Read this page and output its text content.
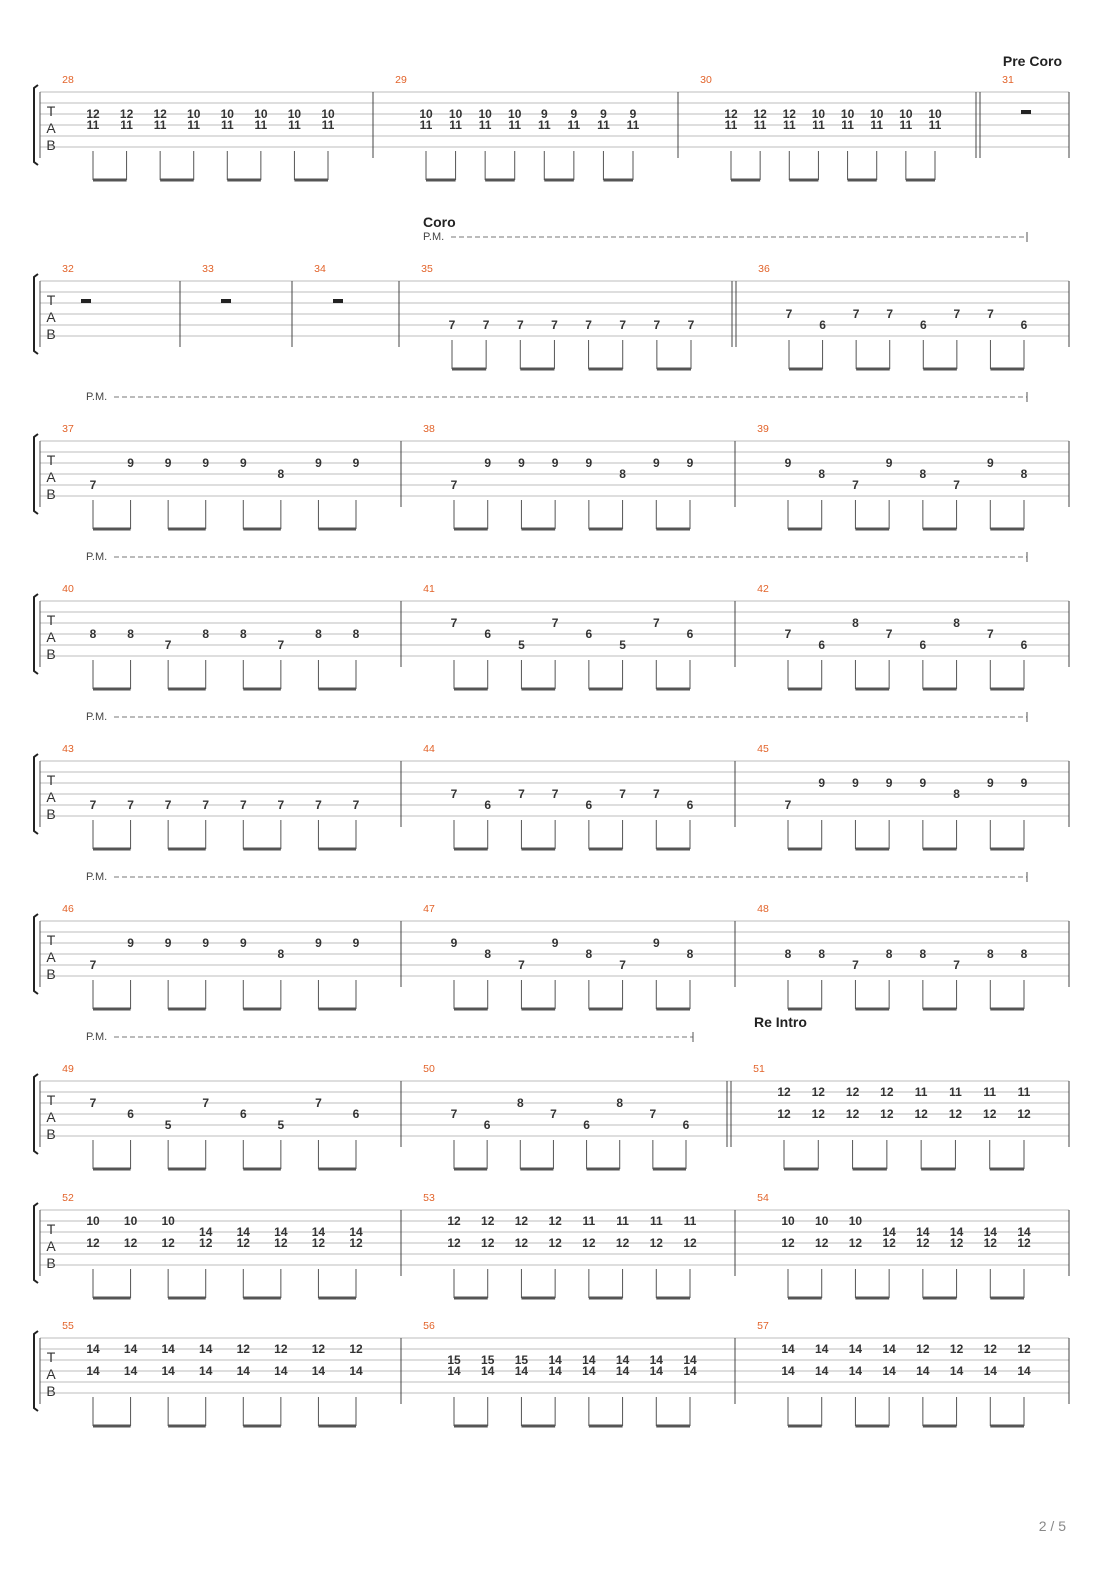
T
A
B
Pre Coro
28
12
11
12
11
12
11
10
11
10
11
10
11
10
11
10
11
29
10
11
10
11
10
11
10
11
9
11
9
11
9
11
9
11
30
12
11
12
11
12
11
10
11
10
11
10
11
10
11
10
11
31
T
A
B
Coro
P.M.
32	33	34	35
7 7 7 7 7 7 7 7
36
7
6
7 7
6
7 7
6
T
A
B
P.M.
37
7
9	9	9	9
8
9	9
38
7
9 9 9 9
8
9 9
39
9
8
7
9
8
7
9
8
T
A
B
P.M.
40
8	8
7
8	8
7
8	8
41
7
6
5
7
6
5
7
6
42
7
6
8
7
6
8
7
6
T
A
B
P.M.
43
7	7	7	7	7	7	7	7
44
7
6
7 7
6
7 7
6
45
7
9 9 9 9
8
9 9
T
A
B
P.M.
46
7
9	9	9	9
8
9	9
47
9
8
7
9
8
7
9
8
48
8 8
7
8 8
7
8 8
T
A
B
Re Intro
P.M.
49
7
6
5
7
6
5
7
6
50
7
6
8
7
6
8
7
6
51
12
12
12
12
12
12
12
12
11
12
11
12
11
12
11
12
T
A
B
52
10
12
10
12
10
12
14
12
14
12
14
12
14
12
14
12
53
12
12
12
12
12
12
12
12
11
12
11
12
11
12
11
12
54
10
12
10
12
10
12
14
12
14
12
14
12
14
12
14
12
T
A
B
55
14
14
14
14
14
14
14
14
12
14
12
14
12
14
12
14
56
15
14
15
14
15
14
14
14
14
14
14
14
14
14
14
14
57
14
14
14
14
14
14
14
14
12
14
12
14
12
14
12
14
2 / 5
